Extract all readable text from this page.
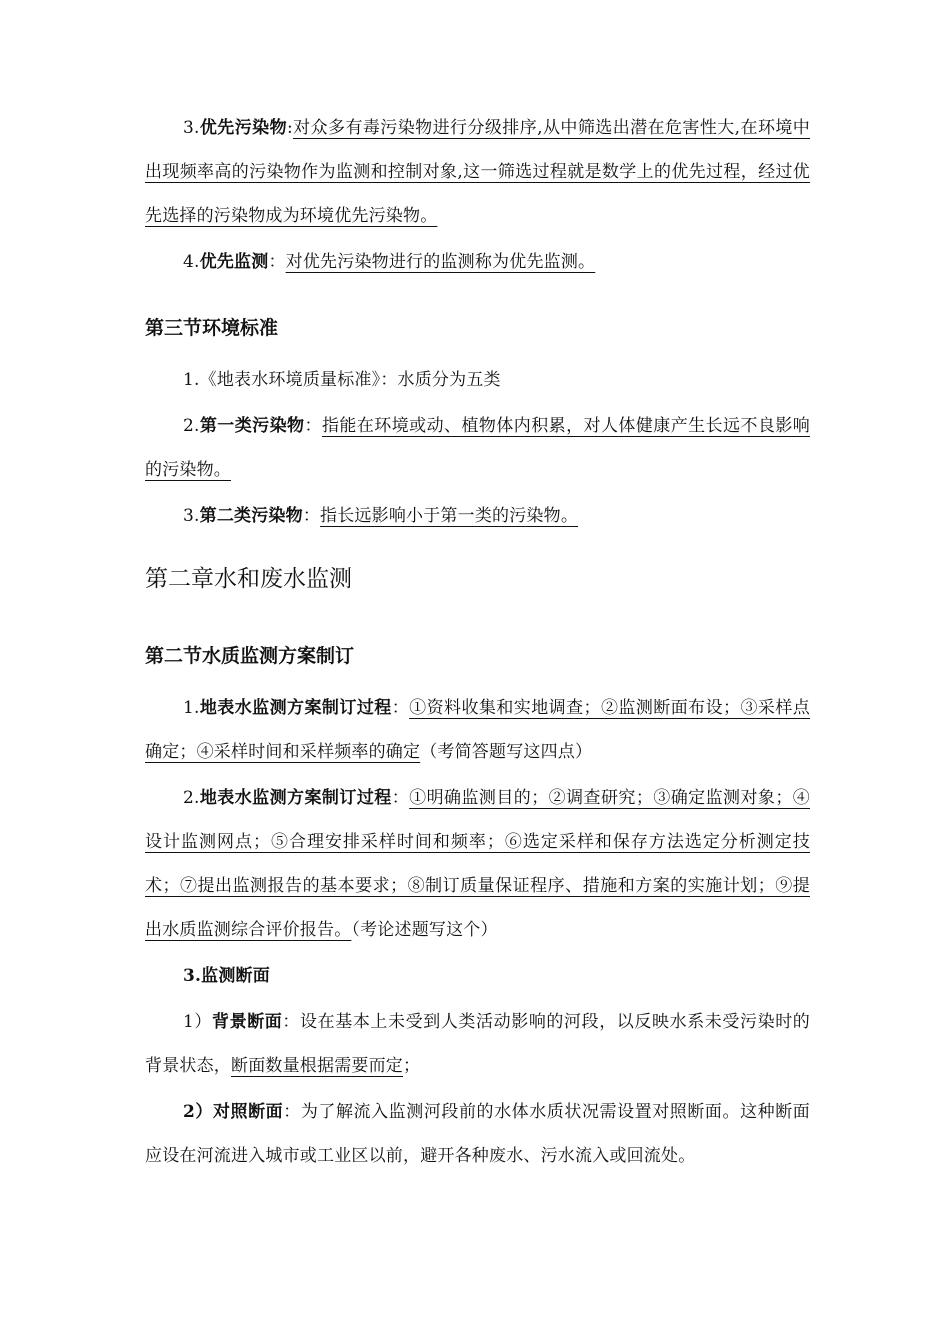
3.优先污染物:对众多有毒污染物进行分级排序,从中筛选出潜在危害性大,在环境中出现频率高的污染物作为监测和控制对象,这一筛选过程就是数学上的优先过程，经过优先选择的污染物成为环境优先污染物。
4.优先监测：对优先污染物进行的监测称为优先监测。
第三节环境标准
1.《地表水环境质量标准》：水质分为五类
2.第一类污染物：指能在环境或动、植物体内积累，对人体健康产生长远不良影响的污染物。
3.第二类污染物：指长远影响小于第一类的污染物。
第二章水和废水监测
第二节水质监测方案制订
1.地表水监测方案制订过程：①资料收集和实地调查；②监测断面布设；③采样点确定；④采样时间和采样频率的确定（考简答题写这四点）
2.地表水监测方案制订过程：①明确监测目的；②调查研究；③确定监测对象；④设计监测网点；⑤合理安排采样时间和频率；⑥选定采样和保存方法选定分析测定技术；⑦提出监测报告的基本要求；⑧制订质量保证程序、措施和方案的实施计划；⑨提出水质监测综合评价报告。（考论述题写这个）
3.监测断面
1）背景断面：设在基本上未受到人类活动影响的河段，以反映水系未受污染时的背景状态，断面数量根据需要而定；
2）对照断面：为了解流入监测河段前的水体水质状况需设置对照断面。这种断面应设在河流进入城市或工业区以前，避开各种废水、污水流入或回流处。
